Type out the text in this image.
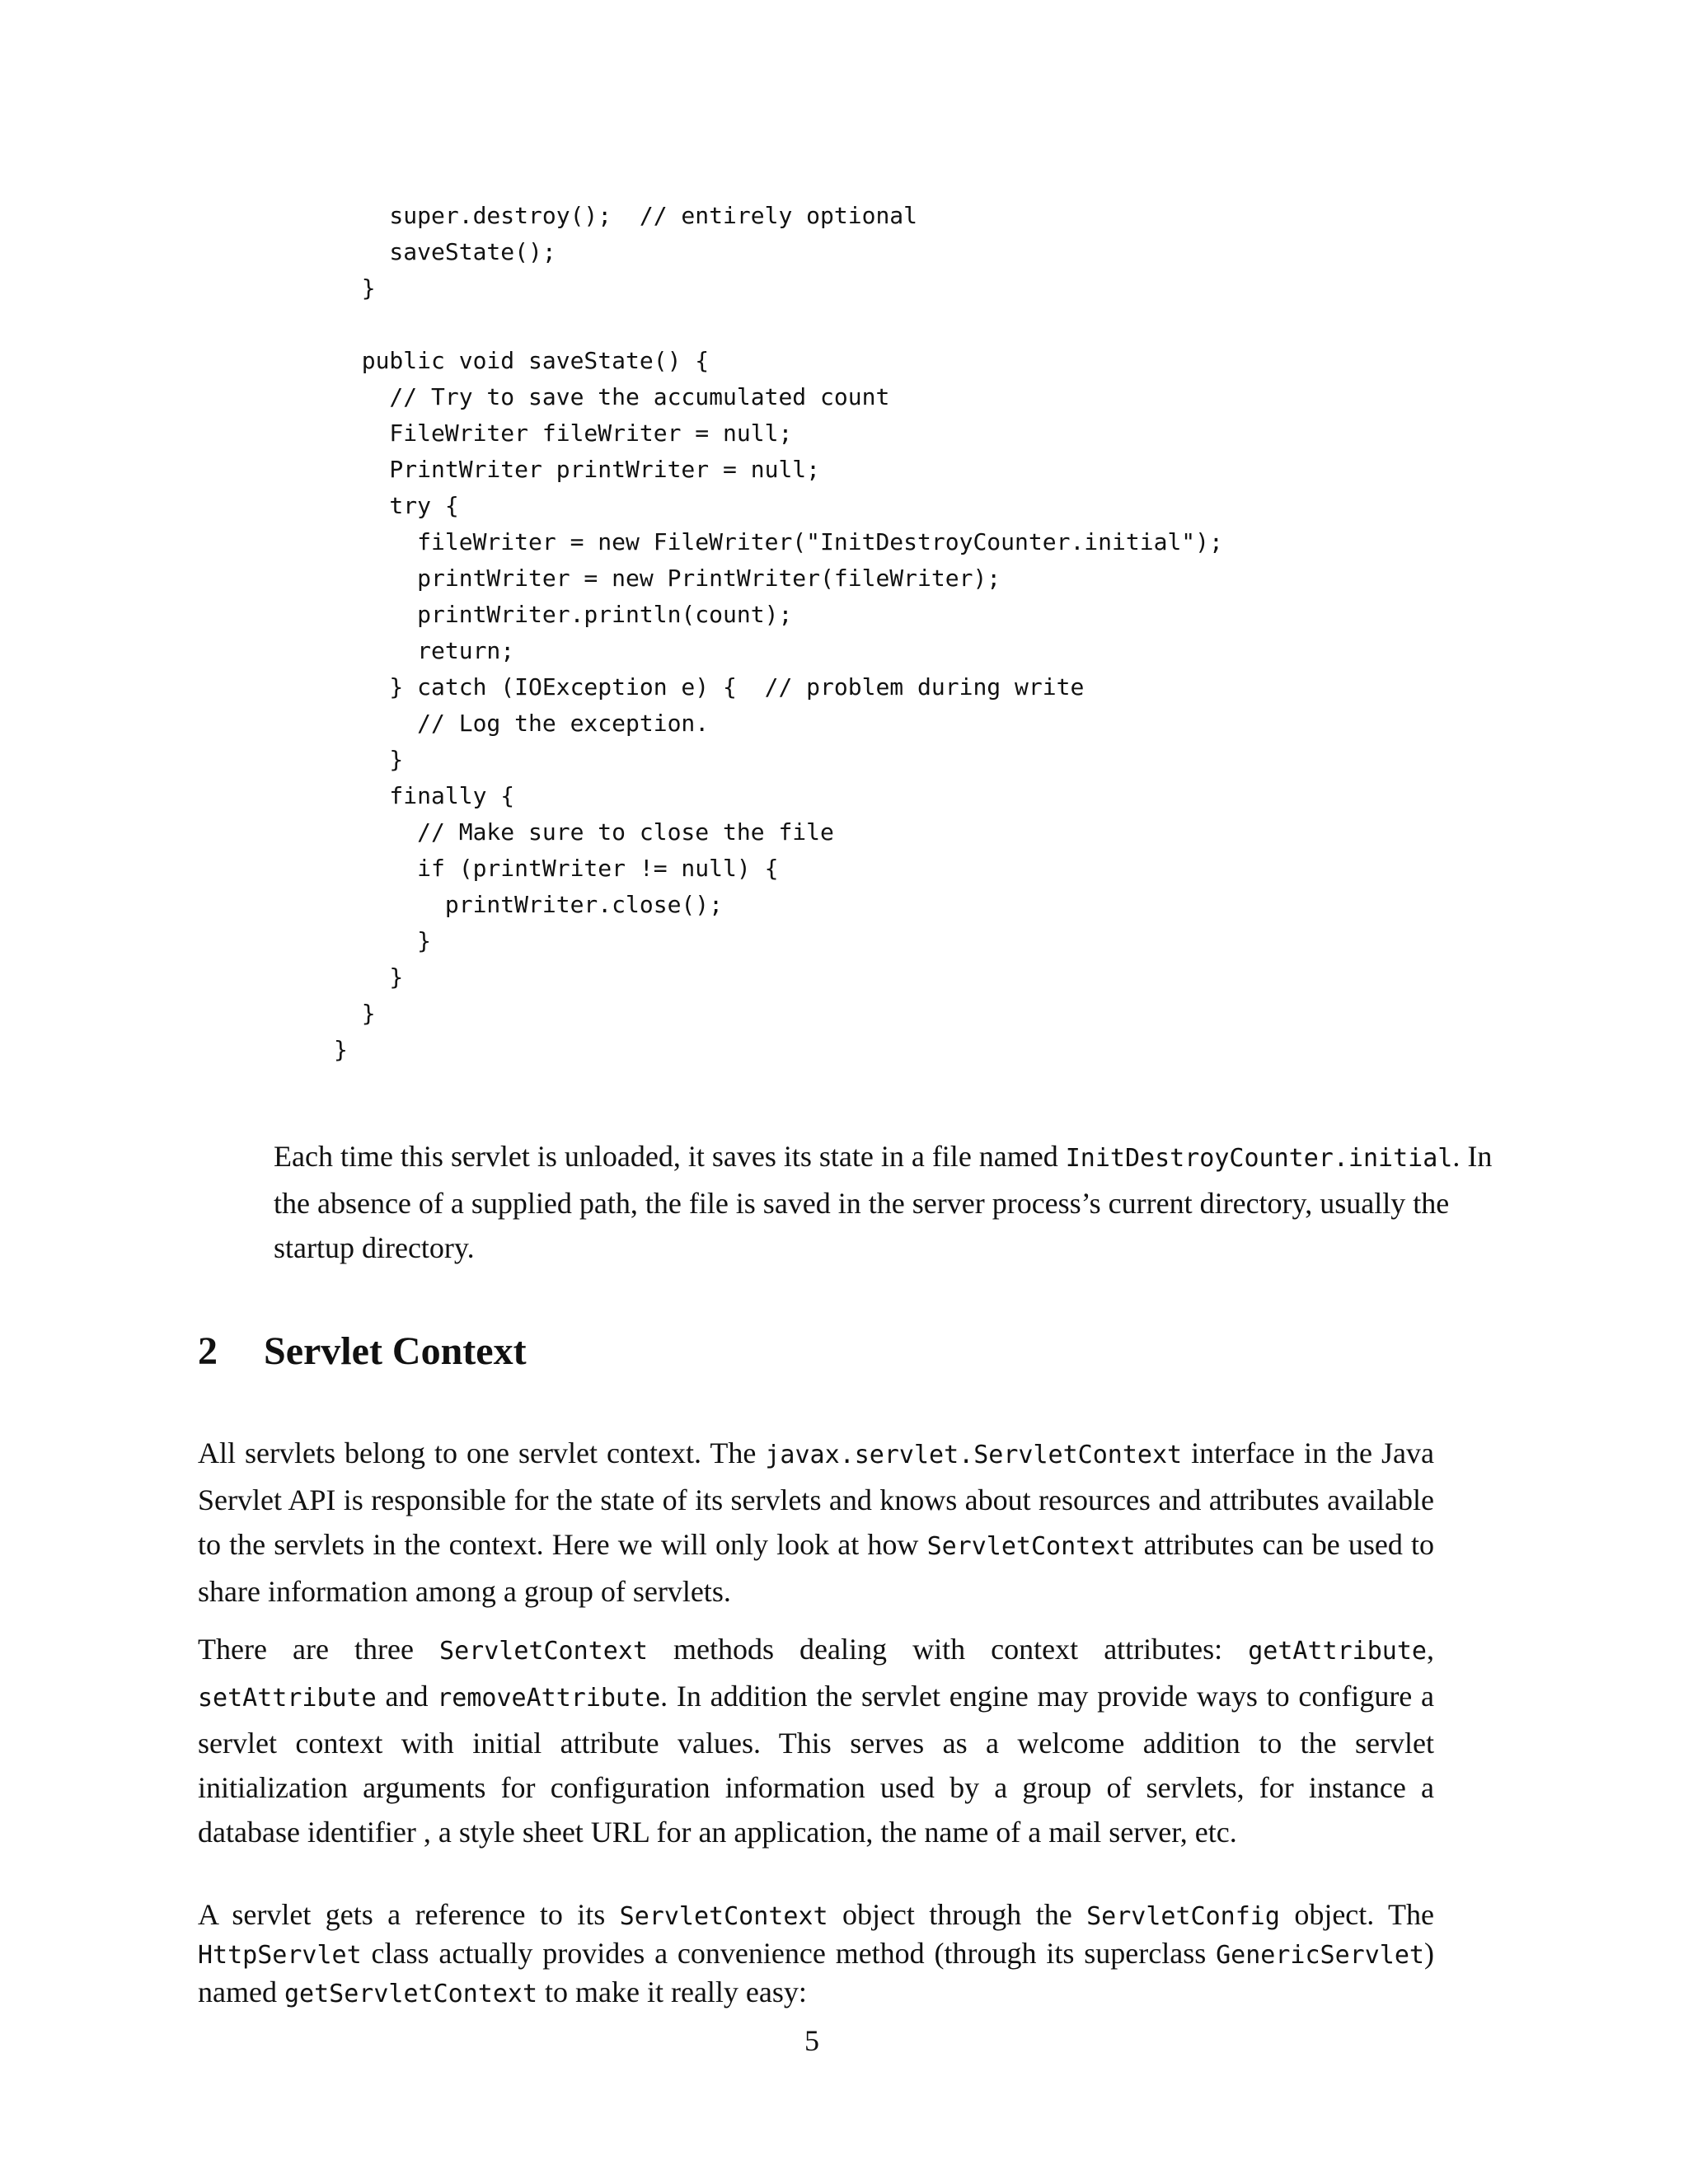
super.destroy();  // entirely optional
saveState();
}

public void saveState() {
// Try to save the accumulated count
FileWriter fileWriter = null;
PrintWriter printWriter = null;
try {
fileWriter = new FileWriter("InitDestroyCounter.initial");
printWriter = new PrintWriter(fileWriter);
printWriter.println(count);
return;
} catch (IOException e) {  // problem during write
// Log the exception.
}
finally {
// Make sure to close the file
if (printWriter != null) {
printWriter.close();
}
}
}
}

Each time this servlet is unloaded, it saves its state in a file named InitDestroyCounter.initial. In the absence of a supplied path, the file is saved in the server process’s current directory, usually the startup directory.

2 Servlet Context

All servlets belong to one servlet context. The javax.servlet.ServletContext interface in the Java Servlet API is responsible for the state of its servlets and knows about resources and attributes available to the servlets in the context. Here we will only look at how ServletContext attributes can be used to share information among a group of servlets.

There are three ServletContext methods dealing with context attributes: getAttribute, setAttribute and removeAttribute. In addition the servlet engine may provide ways to configure a servlet context with initial attribute values. This serves as a welcome addition to the servlet initialization arguments for configuration information used by a group of servlets, for instance a database identifier , a style sheet URL for an application, the name of a mail server, etc.

A servlet gets a reference to its ServletContext object through the ServletConfig object. The HttpServlet class actually provides a convenience method (through its superclass GenericServlet) named getServletContext to make it really easy:

5
